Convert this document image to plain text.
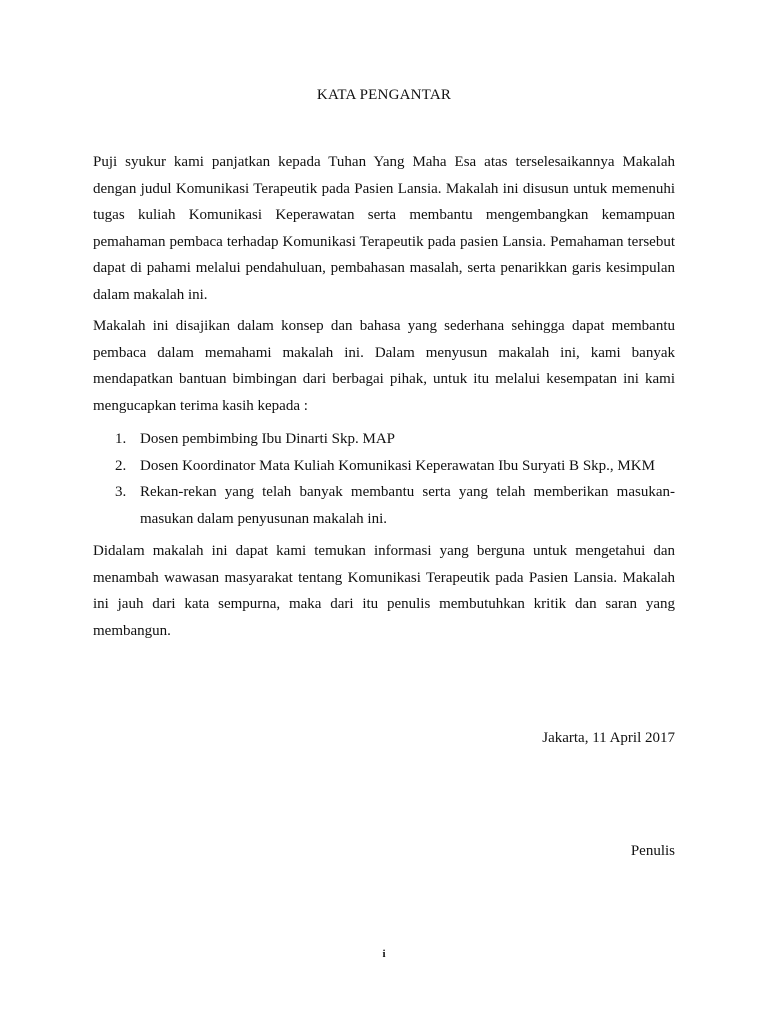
KATA PENGANTAR

Puji syukur kami panjatkan kepada Tuhan Yang Maha Esa atas terselesaikannya Makalah dengan judul Komunikasi Terapeutik pada Pasien Lansia. Makalah ini disusun untuk memenuhi tugas kuliah Komunikasi Keperawatan serta membantu mengembangkan kemampuan pemahaman pembaca terhadap Komunikasi Terapeutik pada pasien Lansia. Pemahaman tersebut dapat di pahami melalui pendahuluan, pembahasan masalah, serta penarikkan garis kesimpulan dalam makalah ini.

Makalah ini disajikan dalam konsep dan bahasa yang sederhana sehingga dapat membantu pembaca dalam memahami makalah ini. Dalam menyusun makalah ini, kami banyak mendapatkan bantuan bimbingan dari berbagai pihak, untuk itu melalui kesempatan ini kami mengucapkan terima kasih kepada :

1. Dosen pembimbing Ibu Dinarti Skp. MAP
2. Dosen Koordinator Mata Kuliah Komunikasi Keperawatan Ibu Suryati B Skp., MKM
3. Rekan-rekan yang telah banyak membantu serta yang telah memberikan masukan-masukan dalam penyusunan makalah ini.

Didalam makalah ini dapat kami temukan informasi yang berguna untuk mengetahui dan menambah wawasan masyarakat tentang Komunikasi Terapeutik pada Pasien Lansia. Makalah ini jauh dari kata sempurna, maka dari itu penulis membutuhkan kritik dan saran yang membangun.

Jakarta, 11 April 2017
Penulis
i
